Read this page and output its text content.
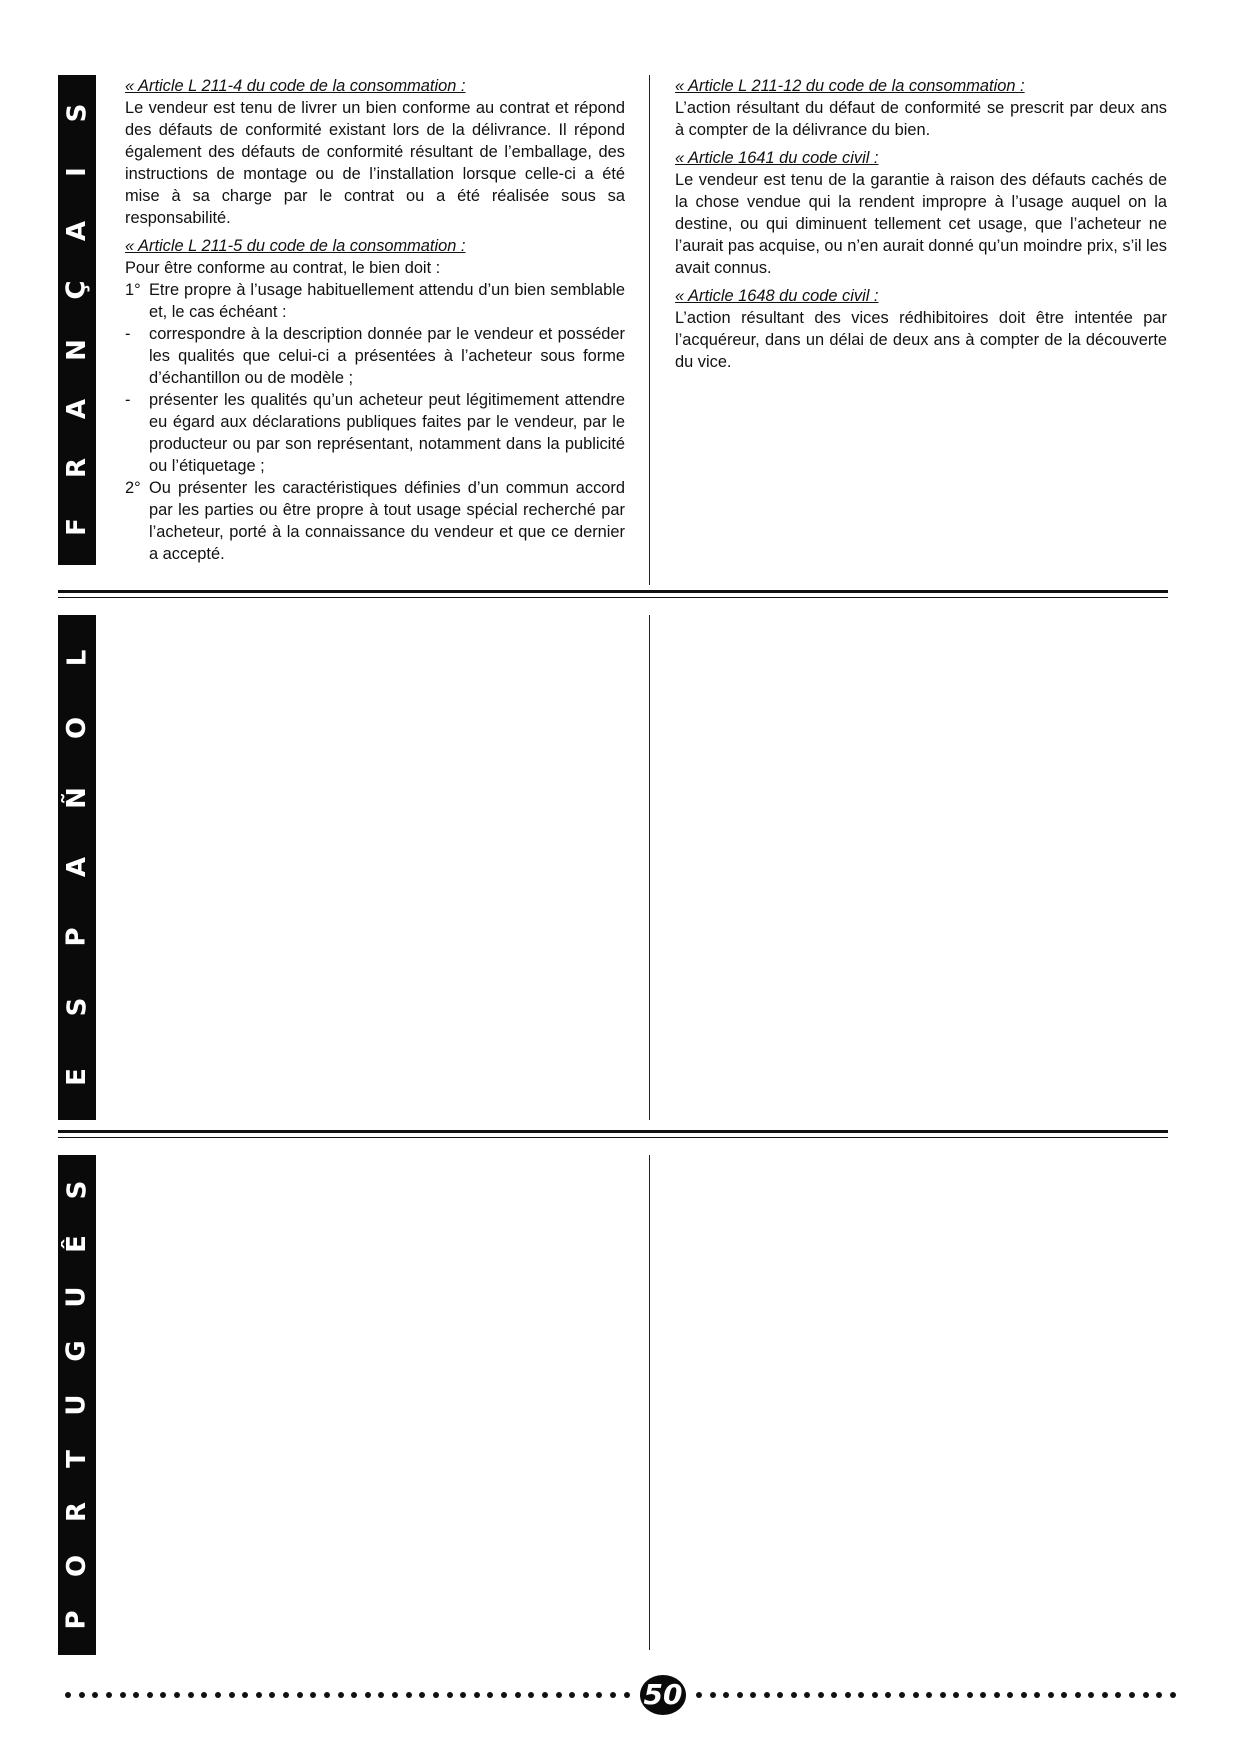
S
I
A
Ç
N
A
R
F

« Article L 211-4 du code de la consommation :

Le vendeur est tenu de livrer un bien conforme au contrat et répond des défauts de conformité existant lors de la délivrance. Il répond également des défauts de conformité résultant de l’emballage, des instructions de montage ou de l’installation lorsque celle-ci a été mise à sa charge par le contrat ou a été réalisée sous sa responsabilité.

« Article L 211-5 du code de la consommation :

Pour être conforme au contrat, le bien doit :

1° Etre propre à l’usage habituellement attendu d’un bien semblable et, le cas échéant :
- correspondre à la description donnée par le vendeur et posséder les qualités que celui-ci a présentées à l’acheteur sous forme d’échantillon ou de modèle ;
- présenter les qualités qu’un acheteur peut légitimement attendre eu égard aux déclarations publiques faites par le vendeur, par le producteur ou par son représentant, notamment dans la publicité ou l’étiquetage ;
2° Ou présenter les caractéristiques définies d’un commun accord par les parties ou être propre à tout usage spécial recherché par l’acheteur, porté à la connaissance du vendeur et que ce dernier a accepté.

« Article L 211-12 du code de la consommation :

L’action résultant du défaut de conformité se prescrit par deux ans à compter de la délivrance du bien.

« Article 1641 du code civil :

Le vendeur est tenu de la garantie à raison des défauts cachés de la chose vendue qui la rendent impropre à l’usage auquel on la destine, ou qui diminuent tellement cet usage, que l’acheteur ne l’aurait pas acquise, ou n’en aurait donné qu’un moindre prix, s’il les avait connus.

« Article 1648 du code civil :

L’action résultant des vices rédhibitoires doit être intentée par l’acquéreur, dans un délai de deux ans à compter de la découverte du vice.

L
O
Ñ
A
P
S
E
S
Ê
U
G
U
T
R
O
P
50
